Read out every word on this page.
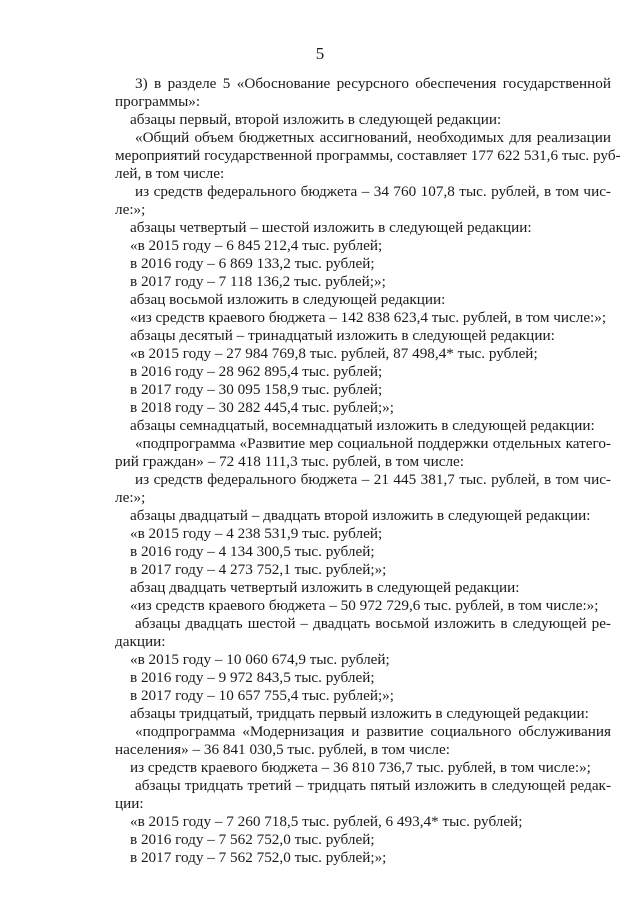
5
3) в разделе 5 «Обоснование ресурсного обеспечения государственной
программы»:
абзацы первый, второй изложить в следующей редакции:
«Общий объем бюджетных ассигнований, необходимых для реализации
мероприятий государственной программы, составляет 177 622 531,6 тыс. руб-
лей, в том числе:
из средств федерального бюджета – 34 760 107,8 тыс. рублей, в том чис-
ле:»;
абзацы четвертый – шестой изложить в следующей редакции:
«в 2015 году – 6 845 212,4 тыс. рублей;
в 2016 году – 6 869 133,2 тыс. рублей;
в 2017 году – 7 118 136,2 тыс. рублей;»;
абзац восьмой изложить в следующей редакции:
«из средств краевого бюджета – 142 838 623,4 тыс. рублей, в том числе:»;
абзацы десятый – тринадцатый изложить в следующей редакции:
«в 2015 году – 27 984 769,8 тыс. рублей, 87 498,4* тыс. рублей;
в 2016 году – 28 962 895,4 тыс. рублей;
в 2017 году – 30 095 158,9 тыс. рублей;
в 2018 году – 30 282 445,4 тыс. рублей;»;
абзацы семнадцатый, восемнадцатый изложить в следующей редакции:
«подпрограмма «Развитие мер социальной поддержки отдельных катего-
рий граждан» – 72 418 111,3 тыс. рублей, в том числе:
из средств федерального бюджета – 21 445 381,7 тыс. рублей, в том чис-
ле:»;
абзацы двадцатый – двадцать второй изложить в следующей редакции:
«в 2015 году – 4 238 531,9 тыс. рублей;
в 2016 году – 4 134 300,5 тыс. рублей;
в 2017 году – 4 273 752,1 тыс. рублей;»;
абзац двадцать четвертый изложить в следующей редакции:
«из средств краевого бюджета – 50 972 729,6 тыс. рублей, в том числе:»;
абзацы двадцать шестой – двадцать восьмой изложить в следующей ре-
дакции:
«в 2015 году – 10 060 674,9 тыс. рублей;
в 2016 году – 9 972 843,5 тыс. рублей;
в 2017 году – 10 657 755,4 тыс. рублей;»;
абзацы тридцатый, тридцать первый изложить в следующей редакции:
«подпрограмма «Модернизация и развитие социального обслуживания
населения» – 36 841 030,5 тыс. рублей, в том числе:
из средств краевого бюджета – 36 810 736,7 тыс. рублей, в том числе:»;
абзацы тридцать третий – тридцать пятый изложить в следующей редак-
ции:
«в 2015 году – 7 260 718,5 тыс. рублей, 6 493,4* тыс. рублей;
в 2016 году – 7 562 752,0 тыс. рублей;
в 2017 году – 7 562 752,0 тыс. рублей;»;
